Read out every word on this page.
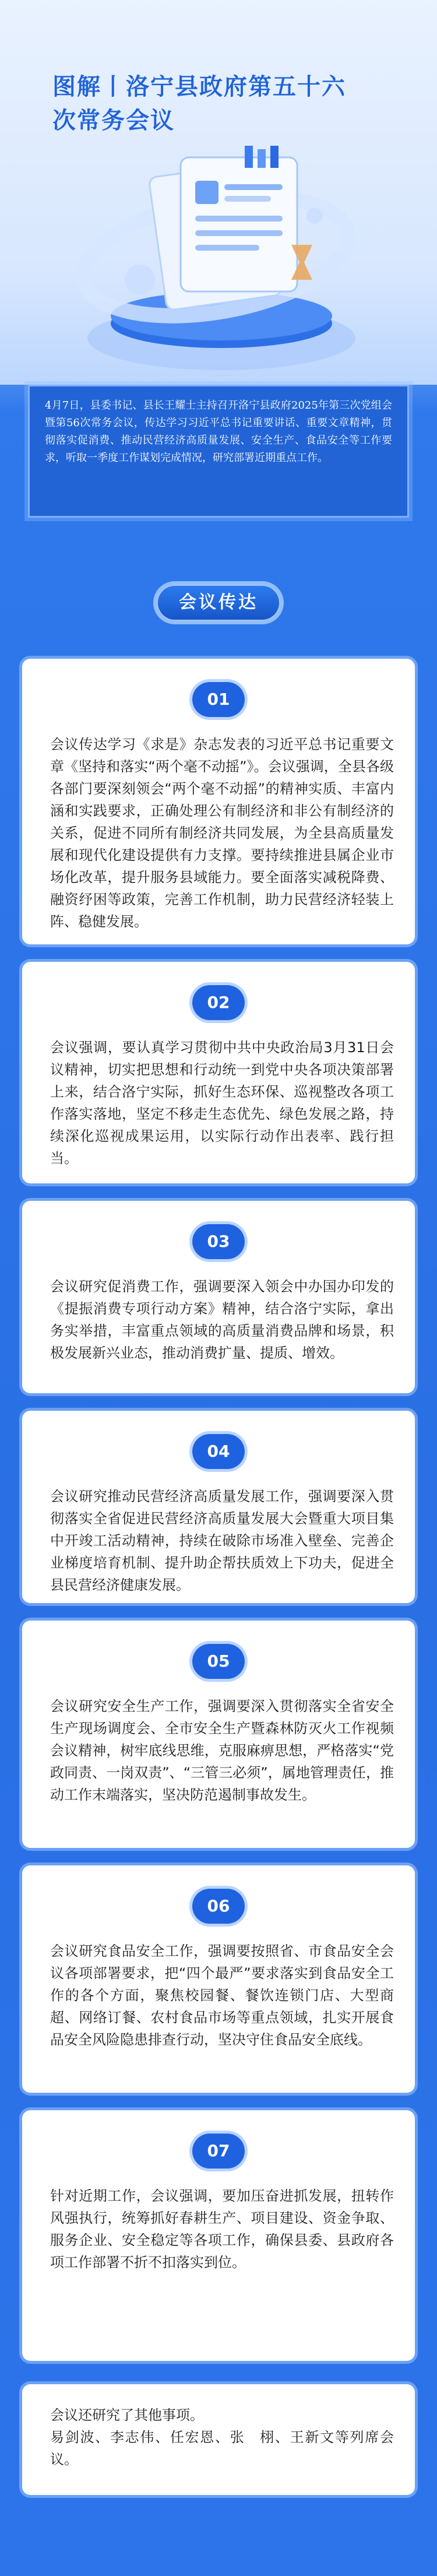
图解丨洛宁县政府第五十六
次常务会议
4月7日，县委书记、县长王耀士主持召开洛宁县政府2025年第三次党组会暨第56次常务会议，传达学习习近平总书记重要讲话、重要文章精神，贯彻落实促消费、推动民营经济高质量发展、安全生产、食品安全等工作要求，听取一季度工作谋划完成情况，研究部署近期重点工作。
会议传达
01
会议传达学习《求是》杂志发表的习近平总书记重要文章《坚持和落实“两个毫不动摇”》。会议强调，全县各级各部门要深刻领会“两个毫不动摇”的精神实质、丰富内涵和实践要求，正确处理公有制经济和非公有制经济的关系，促进不同所有制经济共同发展，为全县高质量发展和现代化建设提供有力支撑。要持续推进县属企业市场化改革，提升服务县域能力。要全面落实减税降费、融资纾困等政策，完善工作机制，助力民营经济轻装上阵、稳健发展。
02
会议强调，要认真学习贯彻中共中央政治局3月31日会议精神，切实把思想和行动统一到党中央各项决策部署上来，结合洛宁实际，抓好生态环保、巡视整改各项工作落实落地，坚定不移走生态优先、绿色发展之路，持续深化巡视成果运用，以实际行动作出表率、践行担当。
03
会议研究促消费工作，强调要深入领会中办国办印发的《提振消费专项行动方案》精神，结合洛宁实际，拿出务实举措，丰富重点领域的高质量消费品牌和场景，积极发展新兴业态，推动消费扩量、提质、增效。
04
会议研究推动民营经济高质量发展工作，强调要深入贯彻落实全省促进民营经济高质量发展大会暨重大项目集中开竣工活动精神，持续在破除市场准入壁垒、完善企业梯度培育机制、提升助企帮扶质效上下功夫，促进全县民营经济健康发展。
05
会议研究安全生产工作，强调要深入贯彻落实全省安全生产现场调度会、全市安全生产暨森林防灭火工作视频会议精神，树牢底线思维，克服麻痹思想，严格落实“党政同责、一岗双责”、“三管三必须”，属地管理责任，推动工作末端落实，坚决防范遏制事故发生。
06
会议研究食品安全工作，强调要按照省、市食品安全会议各项部署要求，把“四个最严”要求落实到食品安全工作的各个方面，聚焦校园餐、餐饮连锁门店、大型商超、网络订餐、农村食品市场等重点领域，扎实开展食品安全风险隐患排查行动，坚决守住食品安全底线。
07
针对近期工作，会议强调，要加压奋进抓发展，扭转作风强执行，统筹抓好春耕生产、项目建设、资金争取、服务企业、安全稳定等各项工作，确保县委、县政府各项工作部署不折不扣落实到位。
会议还研究了其他事项。
易剑波、李志伟、任宏恩、张　栩、王新文等列席会议。
